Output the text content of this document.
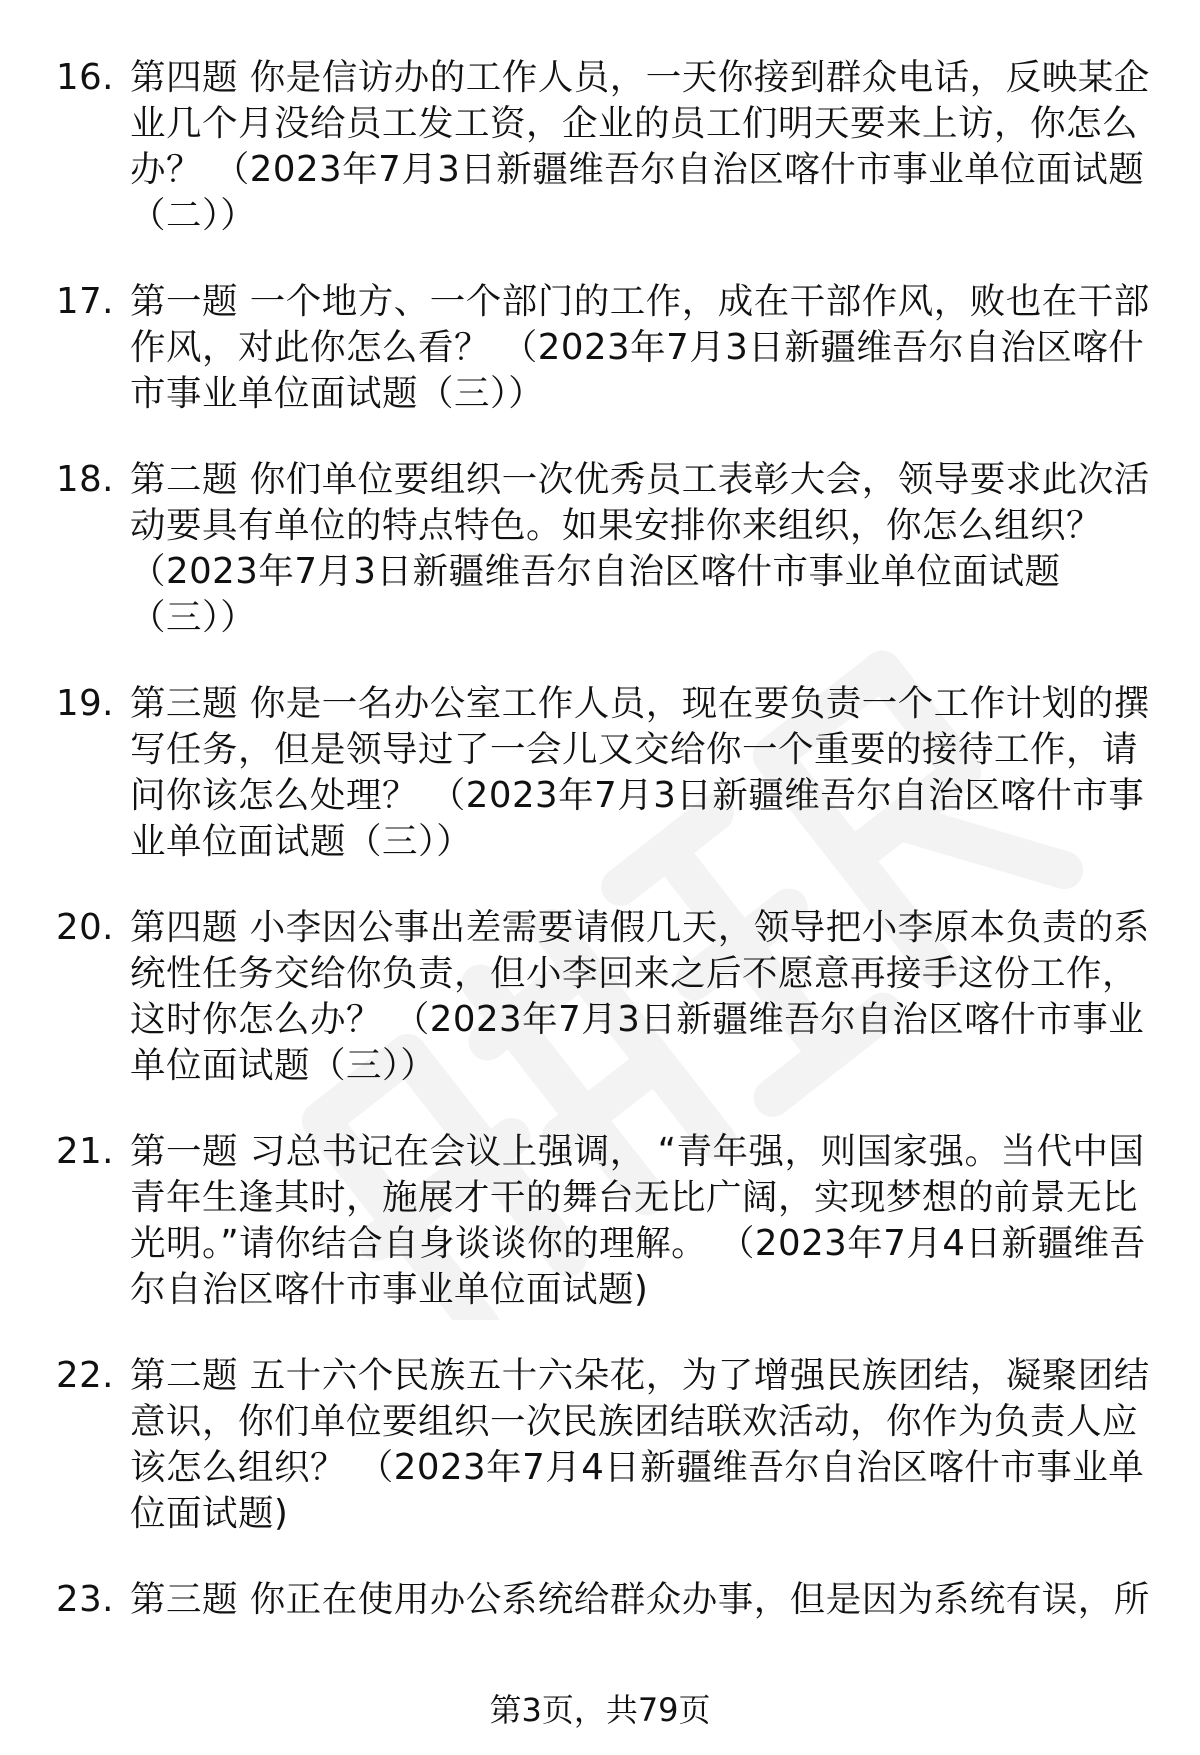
16. 第四题 你是信访办的工作人员，一天你接到群众电话，反映某企业几个月没给员工发工资，企业的员工们明天要来上访，你怎么办？ （2023年7月3日新疆维吾尔自治区喀什市事业单位面试题（二））
17. 第一题 一个地方、一个部门的工作，成在干部作风，败也在干部作风，对此你怎么看？ （2023年7月3日新疆维吾尔自治区喀什市事业单位面试题（三））
18. 第二题 你们单位要组织一次优秀员工表彰大会，领导要求此次活动要具有单位的特点特色。如果安排你来组织，你怎么组织？ （2023年7月3日新疆维吾尔自治区喀什市事业单位面试题（三））
19. 第三题 你是一名办公室工作人员，现在要负责一个工作计划的撰写任务，但是领导过了一会儿又交给你一个重要的接待工作，请问你该怎么处理？ （2023年7月3日新疆维吾尔自治区喀什市事业单位面试题（三））
20. 第四题 小李因公事出差需要请假几天，领导把小李原本负责的系统性任务交给你负责，但小李回来之后不愿意再接手这份工作，这时你怎么办？ （2023年7月3日新疆维吾尔自治区喀什市事业单位面试题（三））
21. 第一题 习总书记在会议上强调， “青年强，则国家强。当代中国青年生逢其时，施展才干的舞台无比广阔，实现梦想的前景无比光明。”请你结合自身谈谈你的理解。 （2023年7月4日新疆维吾尔自治区喀什市事业单位面试题)
22. 第二题 五十六个民族五十六朵花，为了增强民族团结，凝聚团结意识，你们单位要组织一次民族团结联欢活动，你作为负责人应该怎么组织？ （2023年7月4日新疆维吾尔自治区喀什市事业单位面试题)
23. 第三题 你正在使用办公系统给群众办事，但是因为系统有误，所
第3页，共79页
